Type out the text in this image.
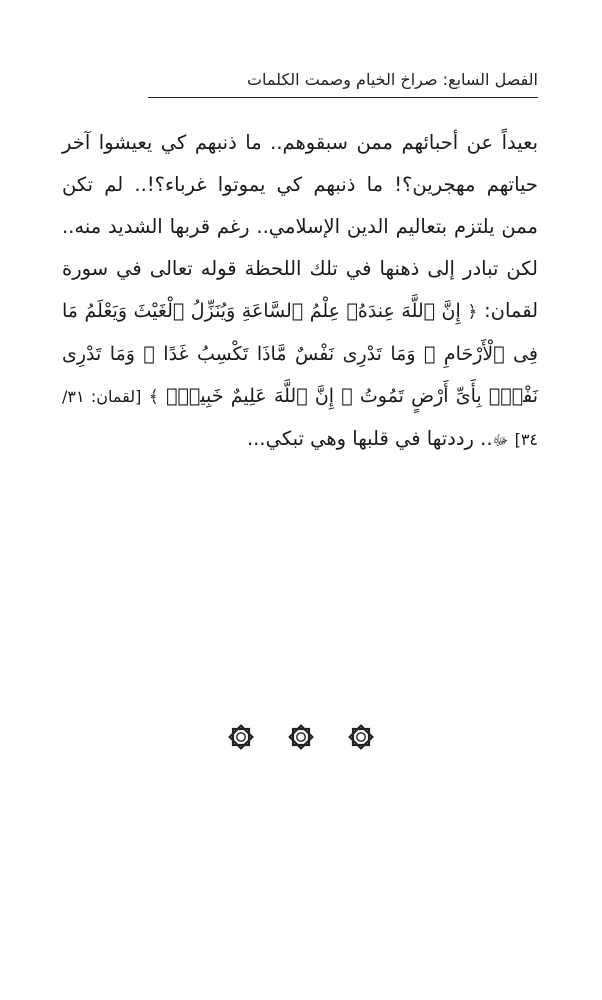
الفصل السابع: صراخ الخيام وصمت الكلمات

بعيداً عن أحبائهم ممن سبقوهم.. ما ذنبهم كي يعيشوا آخر حياتهم مهجرين؟! ما ذنبهم كي يموتوا غرباء؟!.. لم تكن ممن يلتزم بتعاليم الدين الإسلامي.. رغم قربها الشديد منه.. لكن تبادر إلى ذهنها في تلك اللحظة قوله تعالى في سورة لقمان: ﴿ إِنَّ ٱللَّهَ عِندَهُۥ عِلْمُ ٱلسَّاعَةِ وَيُنَزِّلُ ٱلْغَيْثَ وَيَعْلَمُ مَا فِى ٱلْأَرْحَامِ ۖ وَمَا تَدْرِى نَفْسٌ مَّاذَا تَكْسِبُ غَدًا ۖ وَمَا تَدْرِى نَفْسٌۢ بِأَىِّ أَرْضٍ تَمُوتُ ۚ إِنَّ ٱللَّهَ عَلِيمٌ خَبِيرٌۢ ﴾ [لقمان: ٣١/ ٣٤] ﷻ.. رددتها في قلبها وهي تبكي...
